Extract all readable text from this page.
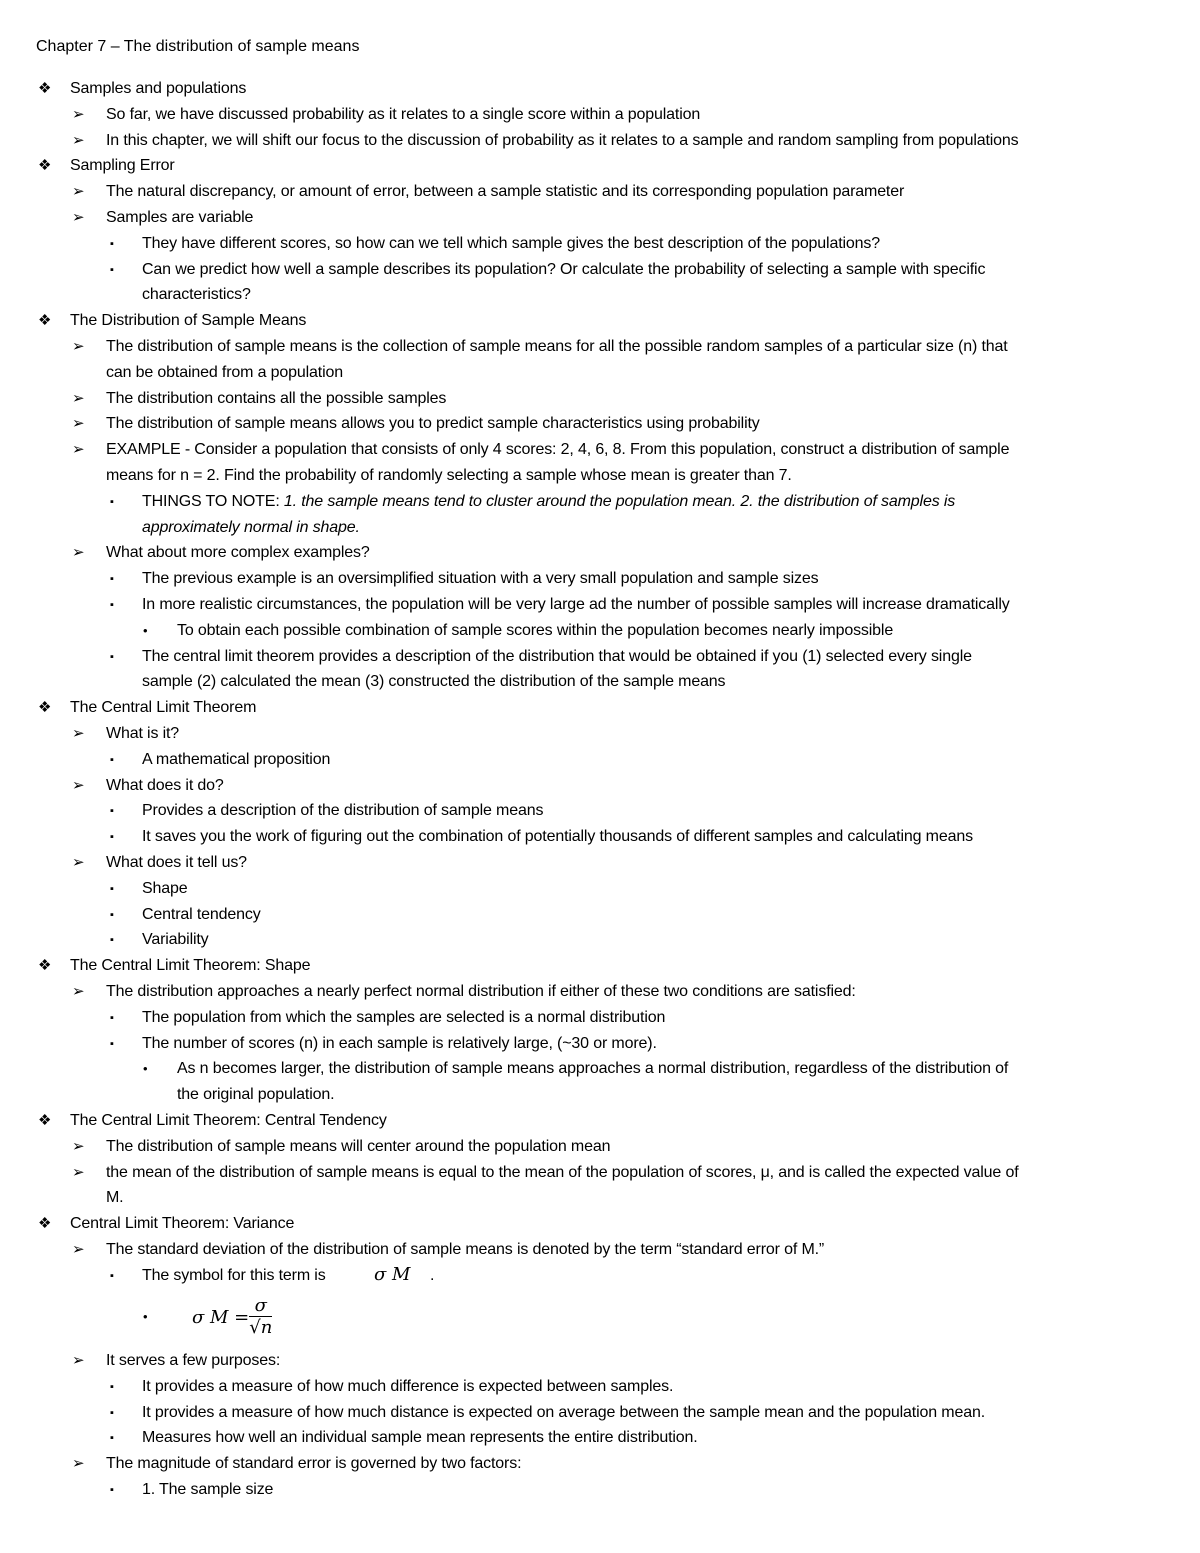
Chapter 7 – The distribution of sample means
❖ Samples and populations
➢ So far, we have discussed probability as it relates to a single score within a population
➢ In this chapter, we will shift our focus to the discussion of probability as it relates to a sample and random sampling from populations
❖ Sampling Error
➢ The natural discrepancy, or amount of error, between a sample statistic and its corresponding population parameter
➢ Samples are variable
▪ They have different scores, so how can we tell which sample gives the best description of the populations?
▪ Can we predict how well a sample describes its population? Or calculate the probability of selecting a sample with specific
characteristics?
❖ The Distribution of Sample Means
➢ The distribution of sample means is the collection of sample means for all the possible random samples of a particular size (n) that
can be obtained from a population
➢ The distribution contains all the possible samples
➢ The distribution of sample means allows you to predict sample characteristics using probability
➢ EXAMPLE - Consider a population that consists of only 4 scores: 2, 4, 6, 8. From this population, construct a distribution of sample
means for n = 2. Find the probability of randomly selecting a sample whose mean is greater than 7.
▪ THINGS TO NOTE: 1. the sample means tend to cluster around the population mean. 2. the distribution of samples is
approximately normal in shape.
➢ What about more complex examples?
▪ The previous example is an oversimplified situation with a very small population and sample sizes
▪ In more realistic circumstances, the population will be very large ad the number of possible samples will increase dramatically
• To obtain each possible combination of sample scores within the population becomes nearly impossible
▪ The central limit theorem provides a description of the distribution that would be obtained if you (1) selected every single
sample (2) calculated the mean (3) constructed the distribution of the sample means
❖ The Central Limit Theorem
➢ What is it?
▪ A mathematical proposition
➢ What does it do?
▪ Provides a description of the distribution of sample means
▪ It saves you the work of figuring out the combination of potentially thousands of different samples and calculating means
➢ What does it tell us?
▪ Shape
▪ Central tendency
▪ Variability
❖ The Central Limit Theorem: Shape
➢ The distribution approaches a nearly perfect normal distribution if either of these two conditions are satisfied:
▪ The population from which the samples are selected is a normal distribution
▪ The number of scores (n) in each sample is relatively large, (~30 or more).
• As n becomes larger, the distribution of sample means approaches a normal distribution, regardless of the distribution of
the original population.
❖ The Central Limit Theorem: Central Tendency
➢ The distribution of sample means will center around the population mean
➢ the mean of the distribution of sample means is equal to the mean of the population of scores, μ, and is called the expected value of
M.
❖ Central Limit Theorem: Variance
➢ The standard deviation of the distribution of sample means is denoted by the term “standard error of M.”
▪ The symbol for this term is	σ M .
• σ $M = \frac{\sigma}{√n}$
➢ It serves a few purposes:
▪ It provides a measure of how much difference is expected between samples.
▪ It provides a measure of how much distance is expected on average between the sample mean and the population mean.
▪ Measures how well an individual sample mean represents the entire distribution.
➢ The magnitude of standard error is governed by two factors:
▪ 1. The sample size
